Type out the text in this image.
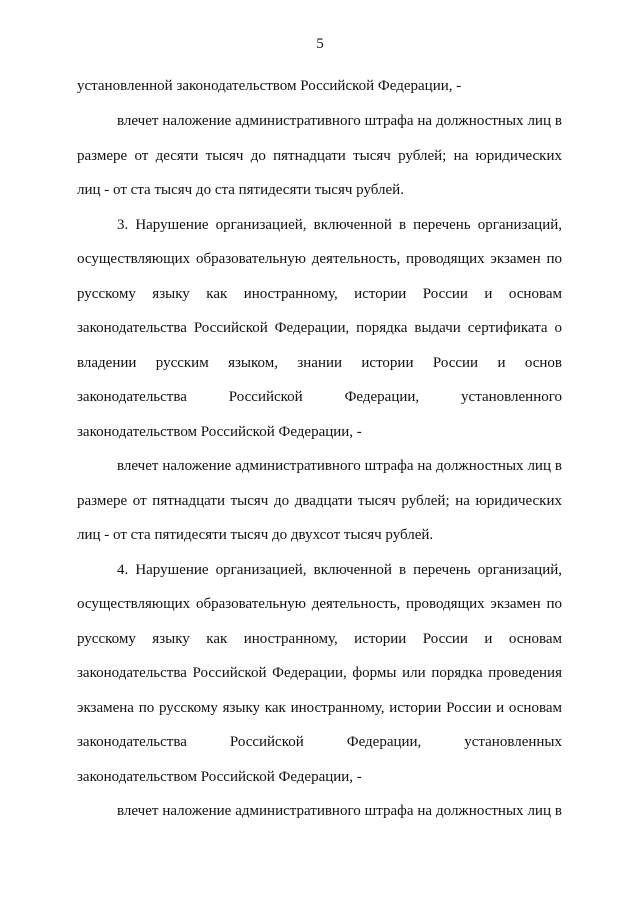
5
установленной законодательством Российской Федерации, -
влечет наложение административного штрафа на должностных лиц в
размере от десяти тысяч до пятнадцати тысяч рублей; на юридических
лиц - от ста тысяч до ста пятидесяти тысяч рублей.
3. Нарушение организацией, включенной в перечень организаций,
осуществляющих образовательную деятельность, проводящих экзамен по
русскому языку как иностранному, истории России и основам
законодательства Российской Федерации, порядка выдачи сертификата о
владении русским языком, знании истории России и основ
законодательства Российской Федерации, установленного
законодательством Российской Федерации, -
влечет наложение административного штрафа на должностных лиц в
размере от пятнадцати тысяч до двадцати тысяч рублей; на юридических
лиц - от ста пятидесяти тысяч до двухсот тысяч рублей.
4. Нарушение организацией, включенной в перечень организаций,
осуществляющих образовательную деятельность, проводящих экзамен по
русскому языку как иностранному, истории России и основам
законодательства Российской Федерации, формы или порядка проведения
экзамена по русскому языку как иностранному, истории России и основам
законодательства Российской Федерации, установленных
законодательством Российской Федерации, -
влечет наложение административного штрафа на должностных лиц в
